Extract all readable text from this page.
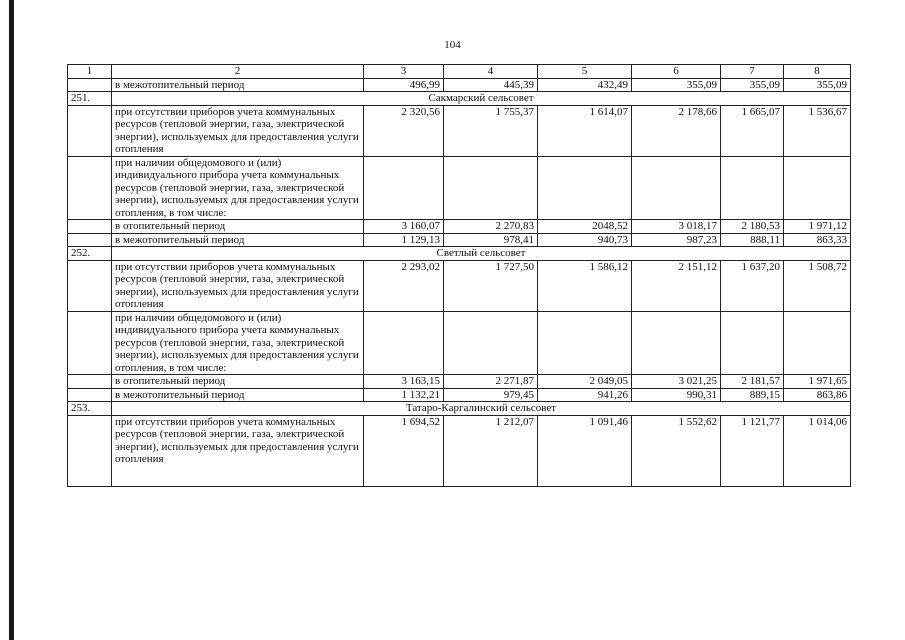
104
1	2	3	4	5	6	7	8
	в межотопительный период	496,99	445,39	432,49	355,09	355,09	355,09
251.	Сакмарский сельсовет						
	при отсутствии приборов учета коммунальных ресурсов (тепловой энергии, газа, электрической энергии), используемых для предоставления услуги отопления	2 320,56	1 755,37	1 614,07	2 178,66	1 665,07	1 536,67
	при наличии общедомового и (или) индивидуального прибора учета коммунальных ресурсов (тепловой энергии, газа, электрической энергии), используемых для предоставления услуги отопления, в том числе:						
	в отопительный период	3 160,07	2 270,83	2048,52	3 018,17	2 180,53	1 971,12
	в межотопительный период	1 129,13	978,41	940,73	987,23	888,11	863,33
252.	Светлый сельсовет						
	при отсутствии приборов учета коммунальных ресурсов (тепловой энергии, газа, электрической энергии), используемых для предоставления услуги отопления	2 293,02	1 727,50	1 586,12	2 151,12	1 637,20	1 508,72
	при наличии общедомового и (или) индивидуального прибора учета коммунальных ресурсов (тепловой энергии, газа, электрической энергии), используемых для предоставления услуги отопления, в том числе:						
	в отопительный период	3 163,15	2 271,87	2 049,05	3 021,25	2 181,57	1 971,65
	в межотопительный период	1 132,21	979,45	941,26	990,31	889,15	863,86
253.	Татаро-Каргалинский сельсовет						
	при отсутствии приборов учета коммунальных ресурсов (тепловой энергии, газа, электрической энергии), используемых для предоставления услуги отопления	1 694,52	1 212,07	1 091,46	1 552,62	1 121,77	1 014,06
